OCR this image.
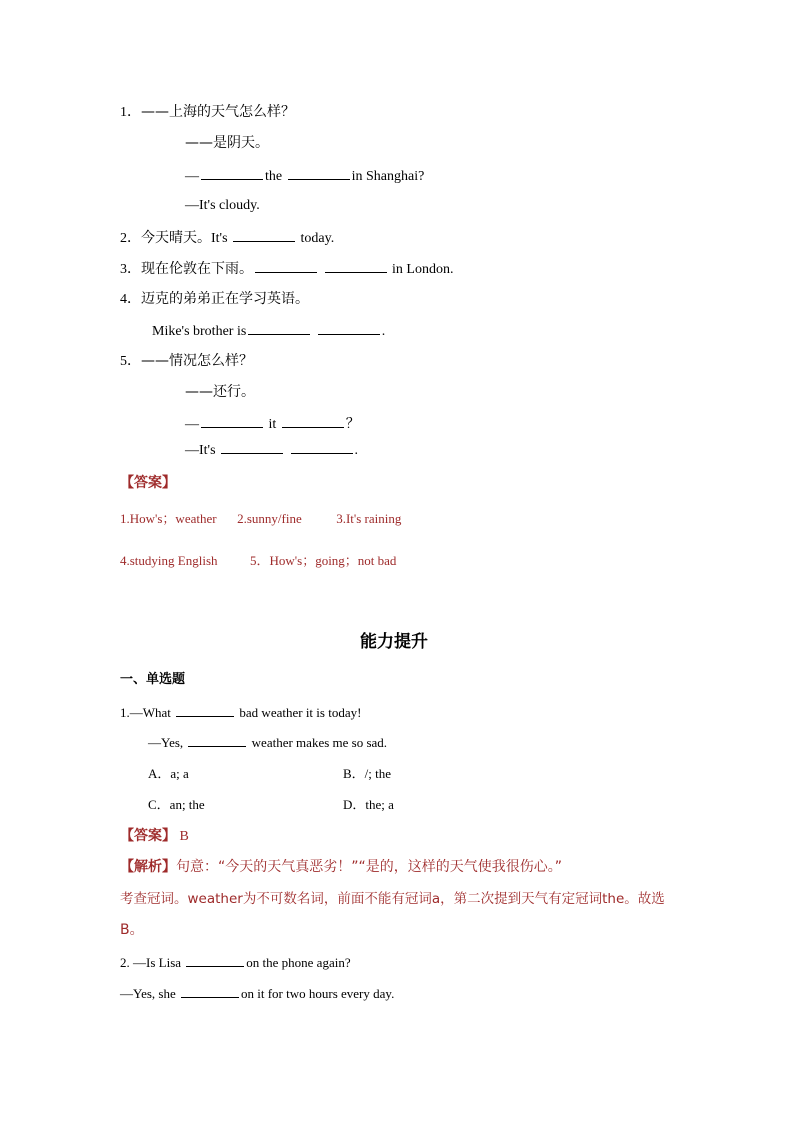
1．——上海的天气怎么样？
——是阴天。
—	the	in Shanghai?
—It's cloudy.
2．今天晴天。It's	today.
3．现在伦敦在下雨。	in London.
4．迈克的弟弟正在学习英语。
Mike's brother is	.
5．——情况怎么样？
——还行。
—	it	？
—It's	.
【答案】
1.How's；weather 2.sunny/fine	3.It's raining
4.studying English	5．How's；going；not bad
能力提升
一、单选题
1.—What	bad weather it is today!
—Yes,	weather makes me so sad.
A．a; a	B．/; the
C．an; the	D．the; a
【答案】 B
【解析】句意：“今天的天气真恶劣！”“是的，这样的天气使我很伤心。”
考查冠词。weather为不可数名词，前面不能有冠词a，第二次提到天气有定冠词the。故选
B。
2. —Is Lisa	on the phone again?
—Yes, she	on it for two hours every day.
